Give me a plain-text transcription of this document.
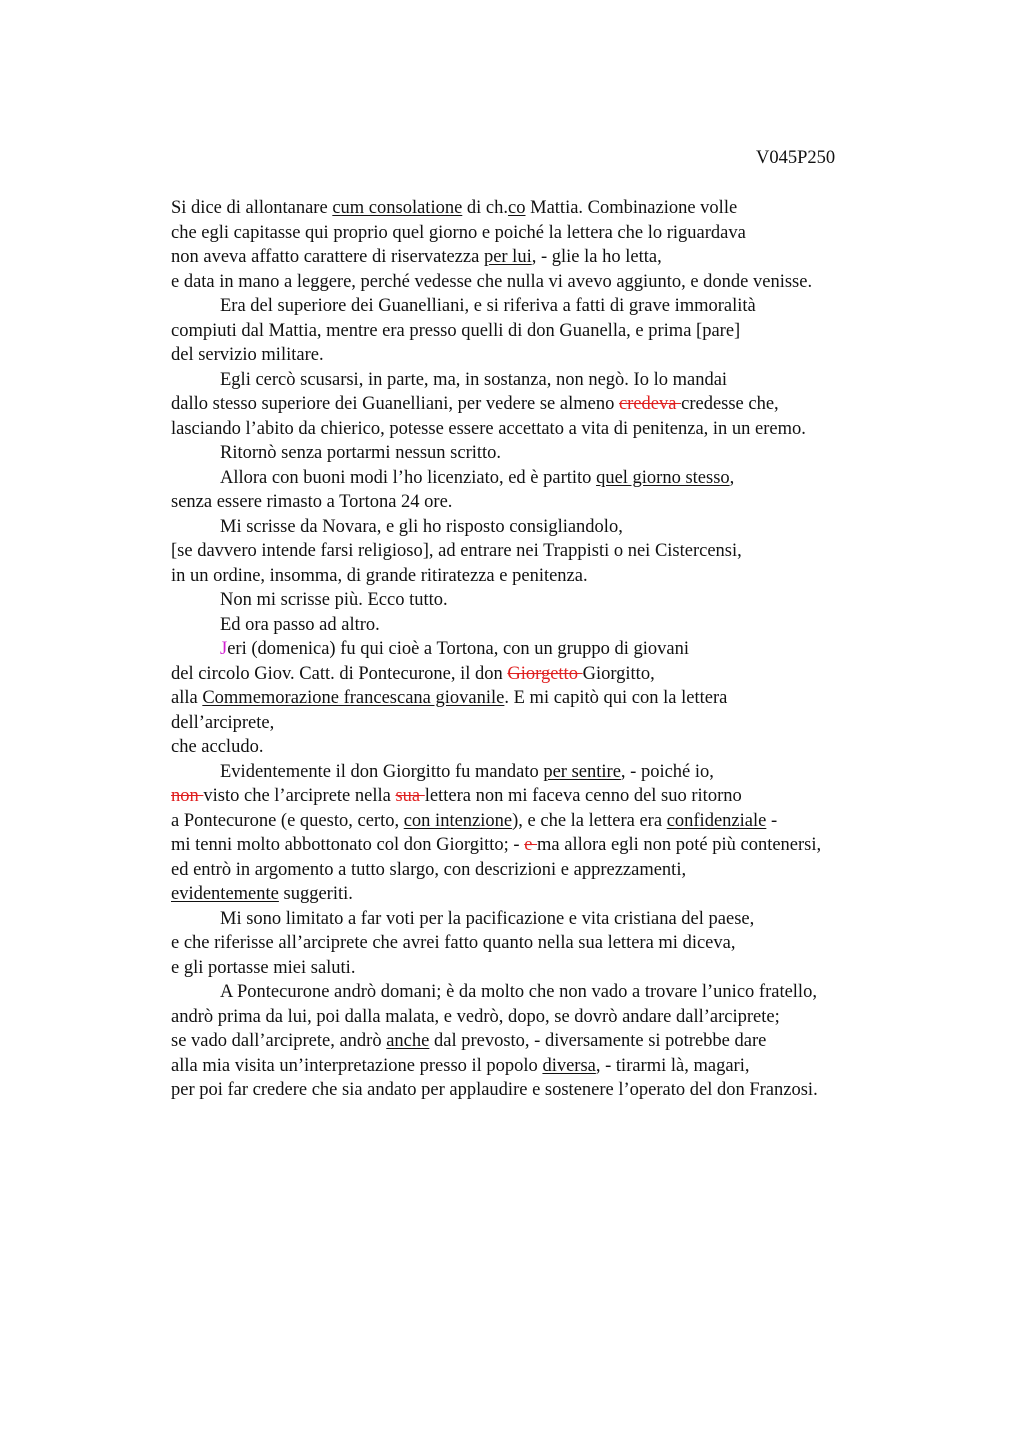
V045P250
Si dice di allontanare cum consolatione di ch.co Mattia. Combinazione volle
che egli capitasse qui proprio quel giorno e poiché la lettera che lo riguardava
non aveva affatto carattere di riservatezza per lui, - glie la ho letta,
e data in mano a leggere, perché vedesse che nulla vi avevo aggiunto, e donde venisse.
Era del superiore dei Guanelliani, e si riferiva a fatti di grave immoralità
compiuti dal Mattia, mentre era presso quelli di don Guanella, e prima [pare]
del servizio militare.
Egli cercò scusarsi, in parte, ma, in sostanza, non negò. Io lo mandai
dallo stesso superiore dei Guanelliani, per vedere se almeno credeva credesse che,
lasciando l’abito da chierico, potesse essere accettato a vita di penitenza, in un eremo.
Ritornò senza portarmi nessun scritto.
Allora con buoni modi l’ho licenziato, ed è partito quel giorno stesso,
senza essere rimasto a Tortona 24 ore.
Mi scrisse da Novara, e gli ho risposto consigliandolo,
[se davvero intende farsi religioso], ad entrare nei Trappisti o nei Cistercensi,
in un ordine, insomma, di grande ritiratezza e penitenza.
Non mi scrisse più. Ecco tutto.
Ed ora passo ad altro.
Jeri (domenica) fu qui cioè a Tortona, con un gruppo di giovani
del circolo Giov. Catt. di Pontecurone, il don Giorgetto Giorgitto,
alla Commemorazione francescana giovanile. E mi capitò qui con la lettera
dell’arciprete,
che accludo.
Evidentemente il don Giorgitto fu mandato per sentire, - poiché io,
non visto che l’arciprete nella sua lettera non mi faceva cenno del suo ritorno
a Pontecurone (e questo, certo, con intenzione), e che la lettera era confidenziale -
mi tenni molto abbottonato col don Giorgitto; - e ma allora egli non poté più contenersi,
ed entrò in argomento a tutto slargo, con descrizioni e apprezzamenti,
evidentemente suggeriti.
Mi sono limitato a far voti per la pacificazione e vita cristiana del paese,
e che riferisse all’arciprete che avrei fatto quanto nella sua lettera mi diceva,
e gli portasse miei saluti.
A Pontecurone andrò domani; è da molto che non vado a trovare l’unico fratello,
andrò prima da lui, poi dalla malata, e vedrò, dopo, se dovrò andare dall’arciprete;
se vado dall’arciprete, andrò anche dal prevosto, - diversamente si potrebbe dare
alla mia visita un’interpretazione presso il popolo diversa, - tirarmi là, magari,
per poi far credere che sia andato per applaudire e sostenere l’operato del don Franzosi.
